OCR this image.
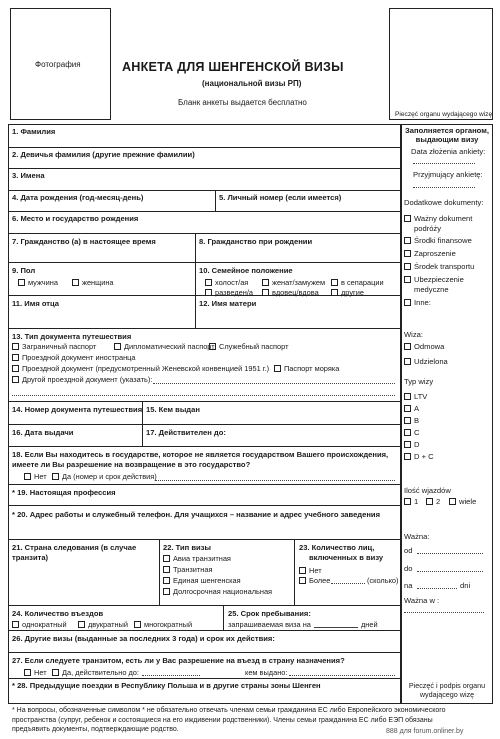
Фотография	АНКЕТА ДЛЯ ШЕНГЕНСКОЙ ВИЗЫ
(национальной визы РП)
Бланк анкеты выдается бесплатно
Pieczęć organu wydającego wizę
1. Фамилия
2. Девичья фамилия (другие прежние фамилии)
3. Имена
4. Дата рождения (год-месяц-день)	5. Личный номер (если имеется)
6. Место и государство рождения
7. Гражданство (а) в настоящее время	8. Гражданство при рождении
9. Пол
мужчина	женщина
10. Семейное положение
холост/ая	женат/замужем	в сепарации
разведен/а	вдовец/вдова	другие
11. Имя отца	12. Имя матери
13. Тип документа путешествия
Заграничный паспорт	Дипломатический паспорт Служебный паспорт
Проездной документ иностранца
Проездной документ (предусмотренный Женевской конвенцией 1951 г.)	Паспорт моряка
Другой проездной документ (указать):
14. Номер документа путешествия 15. Кем выдан
16. Дата выдачи	17. Действителен до:
18. Если Вы находитесь в государстве, которое не является государством Вашего происхождения,
имеете ли Вы разрешение на возвращение в это государство?
Нет	Да (номер и срок действия)
* 19. Настоящая профессия
* 20. Адрес работы и служебный телефон. Для учащихся – название и адрес учебного заведения
21. Страна следования (в случае
транзита)
22. Тип визы
Авиа транзитная
Транзитная
Единая шенгенская
Долгосрочная национальная
23. Количество лиц,
включенных в визу
Нет
Более	(сколько)
24. Количество въездов
однократный	двукратный	многократный
25. Срок пребывания:
запрашиваемая виза на	дней
26. Другие визы (выданные за последних 3 года) и срок их действия:
27. Если следуете транзитом, есть ли у Вас разрешение на въезд в страну назначения?
Нет	Да, действительно до:	кем выдано:
* 28. Предыдущие поездки в Республику Польша и в другие страны зоны Шенген
Заполняется органом,
выдающим визу
Data złożenia ankiety:
Przyjmujący ankietę:
Dodatkowe dokumenty:
Ważny dokument
podróży
Środki finansowe
Zaproszenie
Środek transportu
Ubezpieczenie
medyczne
Inne:
Wiza:
Odmowa
Udzielona
Typ wizy
LTV
A
B
C
D
D + C
Ilość wjazdów
1	2	wiele
Ważna:
od
do
na	dni
Ważna w :
Pieczęć i podpis organu
wydającego wizę
* На вопросы, обозначенные символом * не обязательно отвечать членам семьи гражданина ЕС либо Европейского экономического
пространства (супруг, ребенок и состоящиеся на его иждивении родственники). Члены семьи гражданина ЕС либо ЕЭП обязаны
предъявить документы, подтверждающие родство.	888 для forum.onliner.by
